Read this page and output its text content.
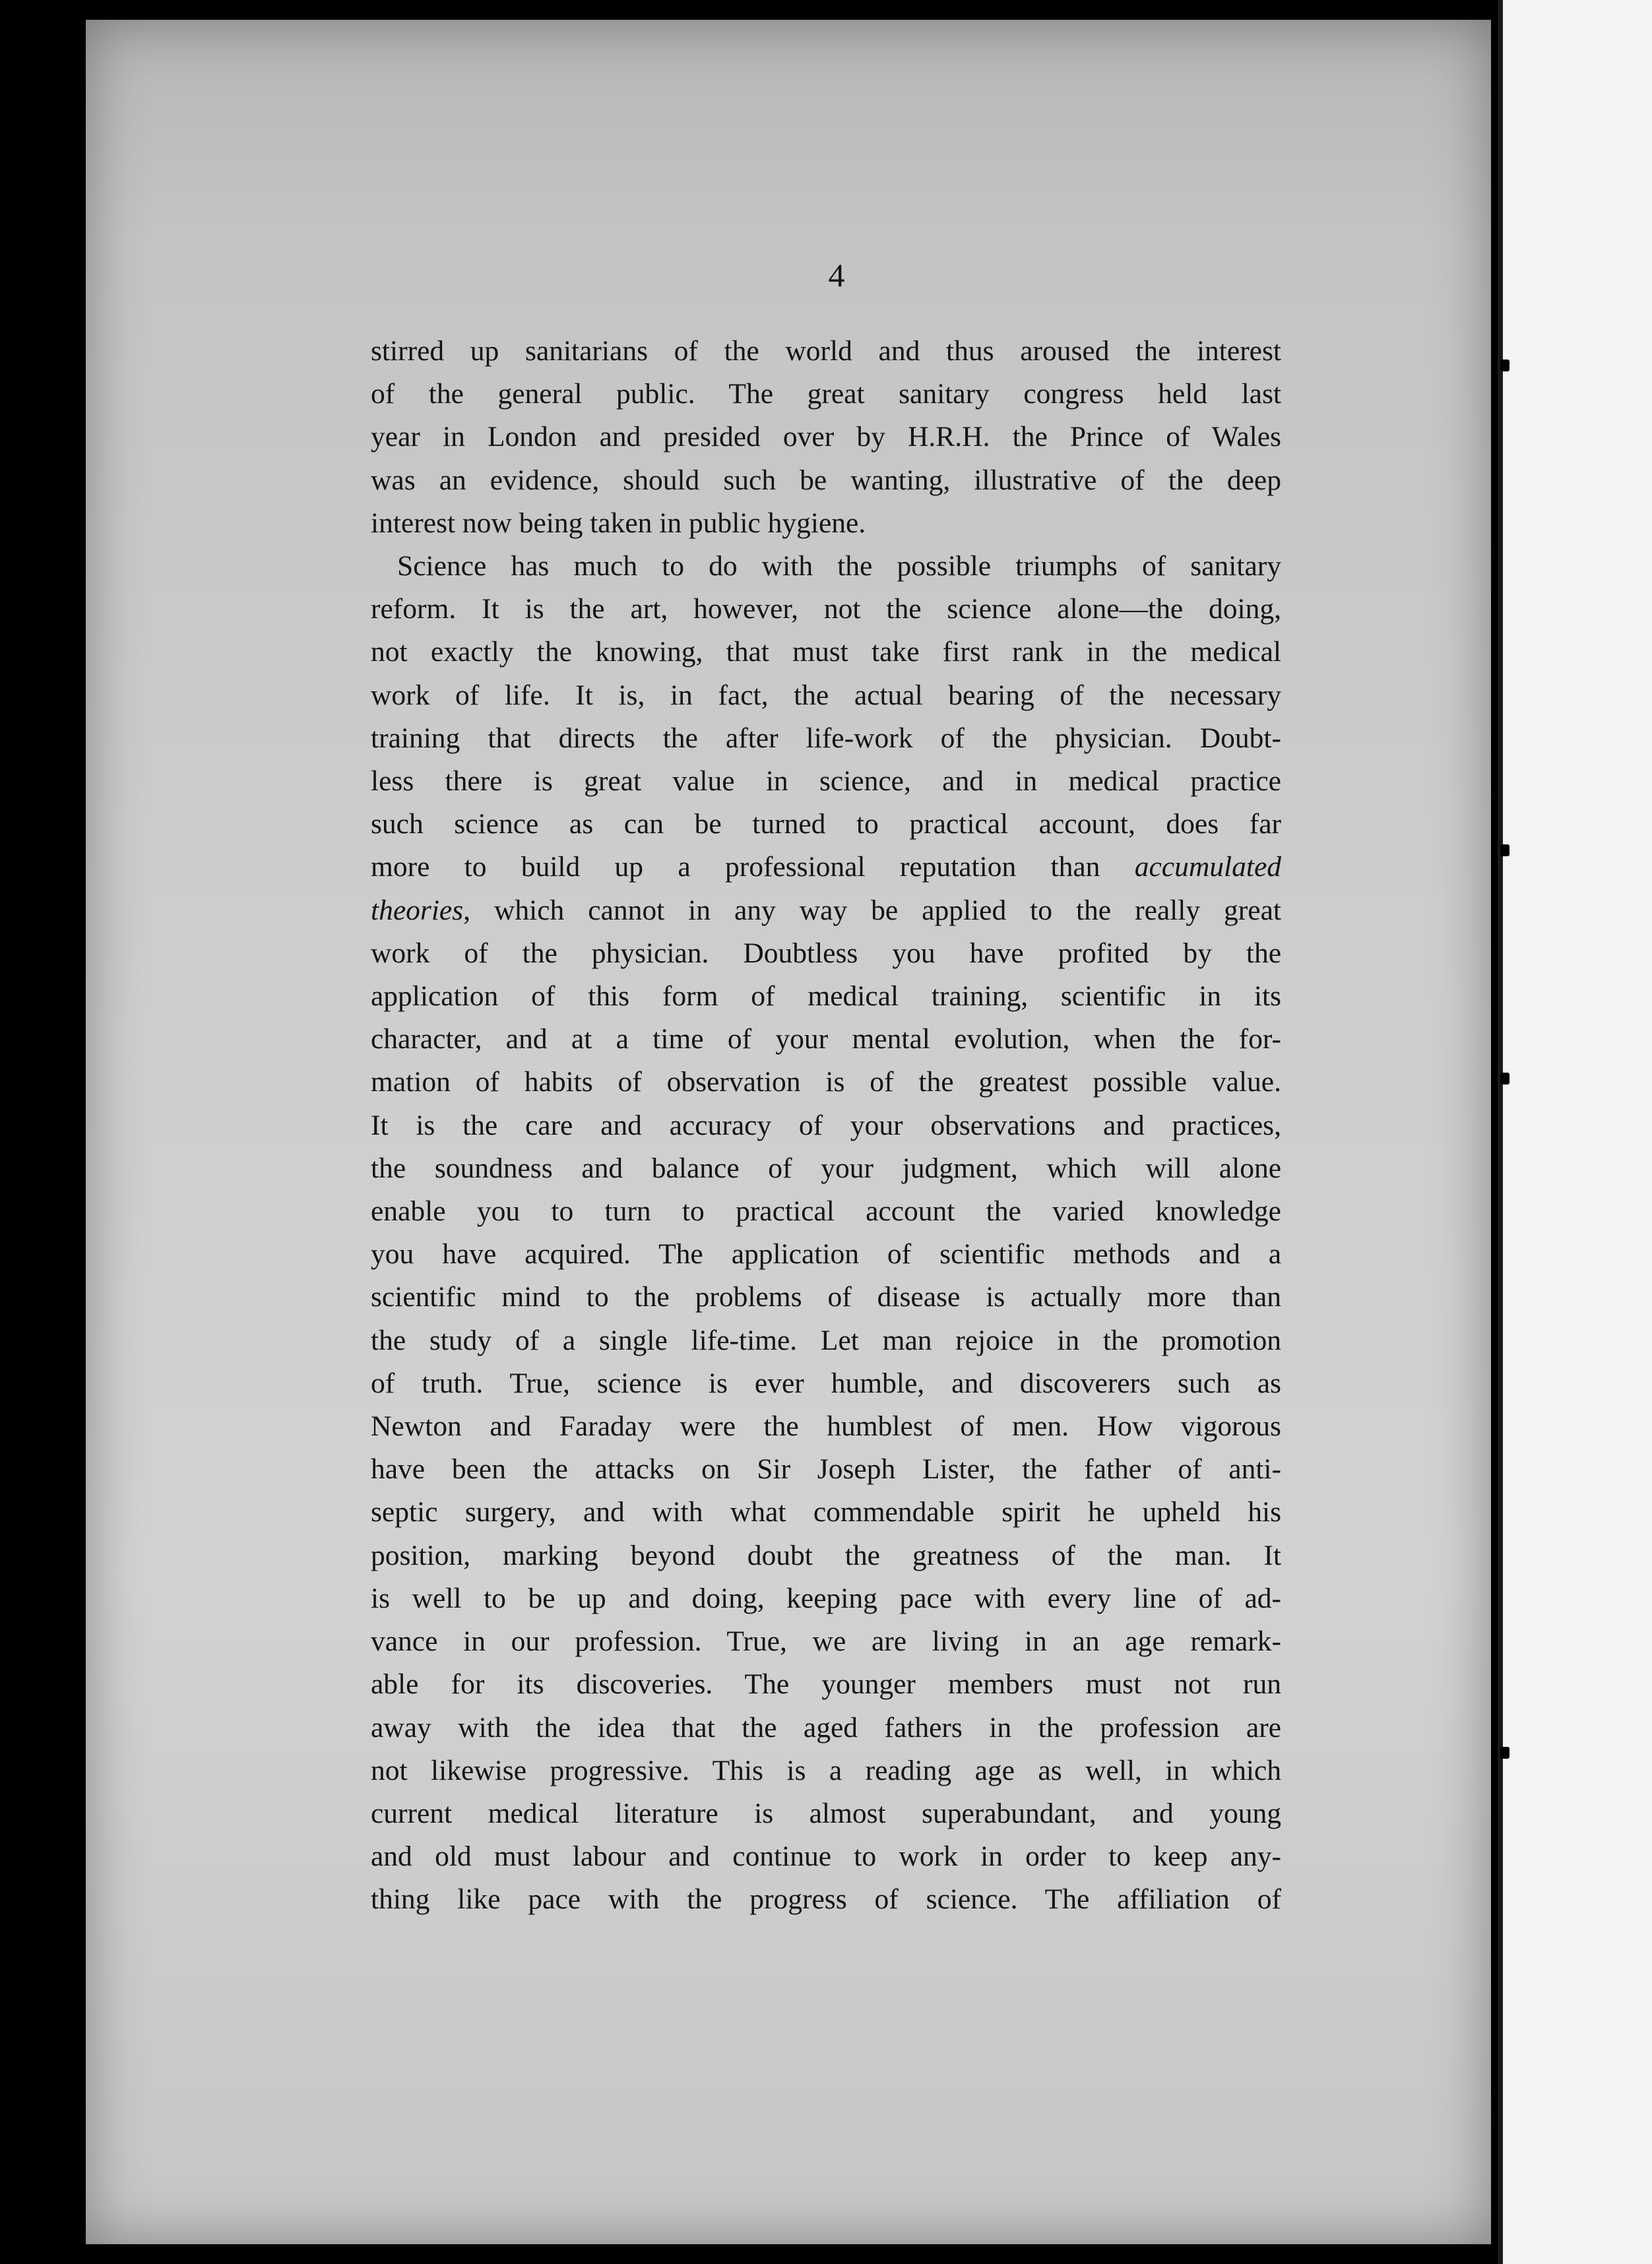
4
stirred up sanitarians of the world and thus aroused the interest
of the general public. The great sanitary congress held last
year in London and presided over by H.R.H. the Prince of Wales
was an evidence, should such be wanting, illustrative of the deep
interest now being taken in public hygiene.
Science has much to do with the possible triumphs of sanitary
reform. It is the art, however, not the science alone—the doing,
not exactly the knowing, that must take first rank in the medical
work of life. It is, in fact, the actual bearing of the necessary
training that directs the after life-work of the physician. Doubt-
less there is great value in science, and in medical practice
such science as can be turned to practical account, does far
more to build up a professional reputation than accumulated
theories, which cannot in any way be applied to the really great
work of the physician. Doubtless you have profited by the
application of this form of medical training, scientific in its
character, and at a time of your mental evolution, when the for-
mation of habits of observation is of the greatest possible value.
It is the care and accuracy of your observations and practices,
the soundness and balance of your judgment, which will alone
enable you to turn to practical account the varied knowledge
you have acquired. The application of scientific methods and a
scientific mind to the problems of disease is actually more than
the study of a single life-time. Let man rejoice in the promotion
of truth. True, science is ever humble, and discoverers such as
Newton and Faraday were the humblest of men. How vigorous
have been the attacks on Sir Joseph Lister, the father of anti-
septic surgery, and with what commendable spirit he upheld his
position, marking beyond doubt the greatness of the man. It
is well to be up and doing, keeping pace with every line of ad-
vance in our profession. True, we are living in an age remark-
able for its discoveries. The younger members must not run
away with the idea that the aged fathers in the profession are
not likewise progressive. This is a reading age as well, in which
current medical literature is almost superabundant, and young
and old must labour and continue to work in order to keep any-
thing like pace with the progress of science. The affiliation of
